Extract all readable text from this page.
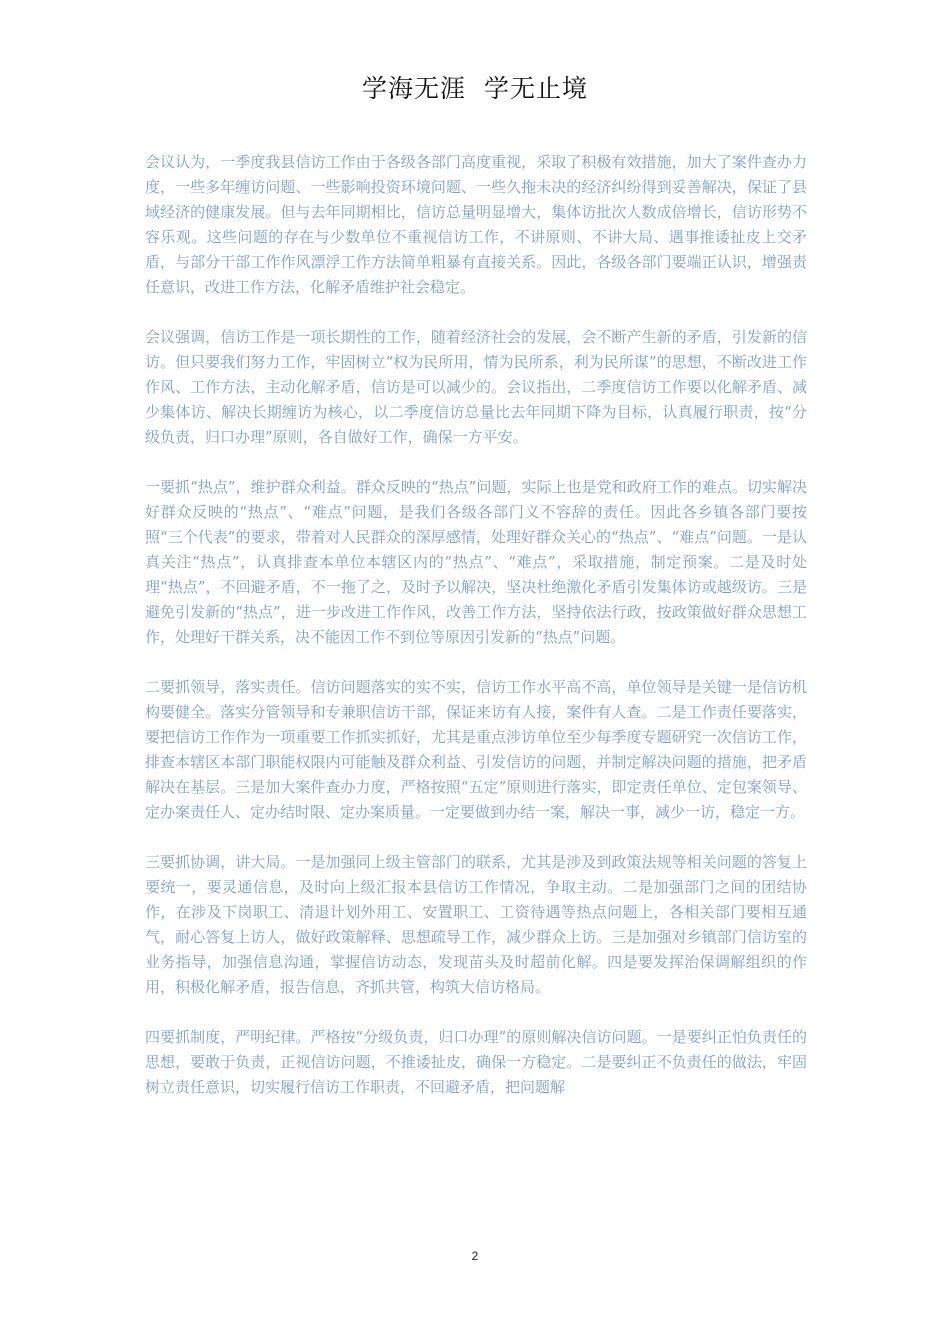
学海无涯  学无止境

会议认为，一季度我县信访工作由于各级各部门高度重视，采取了积极有效措施，加大了案件查办力度，一些多年缠访问题、一些影响投资环境问题、一些久拖未决的经济纠纷得到妥善解决，保证了县域经济的健康发展。但与去年同期相比，信访总量明显增大，集体访批次人数成倍增长，信访形势不容乐观。这些问题的存在与少数单位不重视信访工作，不讲原则、不讲大局、遇事推诿扯皮上交矛盾，与部分干部工作作风漂浮工作方法简单粗暴有直接关系。因此，各级各部门要端正认识，增强责任意识，改进工作方法，化解矛盾维护社会稳定。

会议强调，信访工作是一项长期性的工作，随着经济社会的发展，会不断产生新的矛盾，引发新的信访。但只要我们努力工作，牢固树立“权为民所用，情为民所系，利为民所谋”的思想，不断改进工作作风、工作方法，主动化解矛盾，信访是可以减少的。会议指出，二季度信访工作要以化解矛盾、减少集体访、解决长期缠访为核心，以二季度信访总量比去年同期下降为目标，认真履行职责，按“分级负责，归口办理”原则，各自做好工作，确保一方平安。

一要抓“热点”，维护群众利益。群众反映的“热点”问题，实际上也是党和政府工作的难点。切实解决好群众反映的“热点”、“难点”问题，是我们各级各部门义不容辞的责任。因此各乡镇各部门要按照“三个代表”的要求，带着对人民群众的深厚感情，处理好群众关心的“热点”、“难点”问题。一是认真关注“热点”，认真排查本单位本辖区内的“热点”、“难点”，采取措施，制定预案。二是及时处理“热点”，不回避矛盾，不一拖了之，及时予以解决，坚决杜绝激化矛盾引发集体访或越级访。三是避免引发新的“热点”，进一步改进工作作风，改善工作方法，坚持依法行政，按政策做好群众思想工作，处理好干群关系，决不能因工作不到位等原因引发新的“热点”问题。

二要抓领导，落实责任。信访问题落实的实不实，信访工作水平高不高，单位领导是关键一是信访机构要健全。落实分管领导和专兼职信访干部，保证来访有人接，案件有人查。二是工作责任要落实，要把信访工作作为一项重要工作抓实抓好，尤其是重点涉访单位至少每季度专题研究一次信访工作，排查本辖区本部门职能权限内可能触及群众利益、引发信访的问题，并制定解决问题的措施，把矛盾解决在基层。三是加大案件查办力度，严格按照“五定”原则进行落实，即定责任单位、定包案领导、定办案责任人、定办结时限、定办案质量。一定要做到办结一案，解决一事，减少一访，稳定一方。

三要抓协调，讲大局。一是加强同上级主管部门的联系，尤其是涉及到政策法规等相关问题的答复上要统一，要灵通信息，及时向上级汇报本县信访工作情况，争取主动。二是加强部门之间的团结协作，在涉及下岗职工、清退计划外用工、安置职工、工资待遇等热点问题上，各相关部门要相互通气，耐心答复上访人，做好政策解释、思想疏导工作，减少群众上访。三是加强对乡镇部门信访室的业务指导，加强信息沟通，掌握信访动态，发现苗头及时超前化解。四是要发挥治保调解组织的作用，积极化解矛盾，报告信息，齐抓共管，构筑大信访格局。

四要抓制度，严明纪律。严格按“分级负责，归口办理”的原则解决信访问题。一是要纠正怕负责任的思想，要敢于负责，正视信访问题，不推诿扯皮，确保一方稳定。二是要纠正不负责任的做法，牢固树立责任意识，切实履行信访工作职责，不回避矛盾，把问题解

2
